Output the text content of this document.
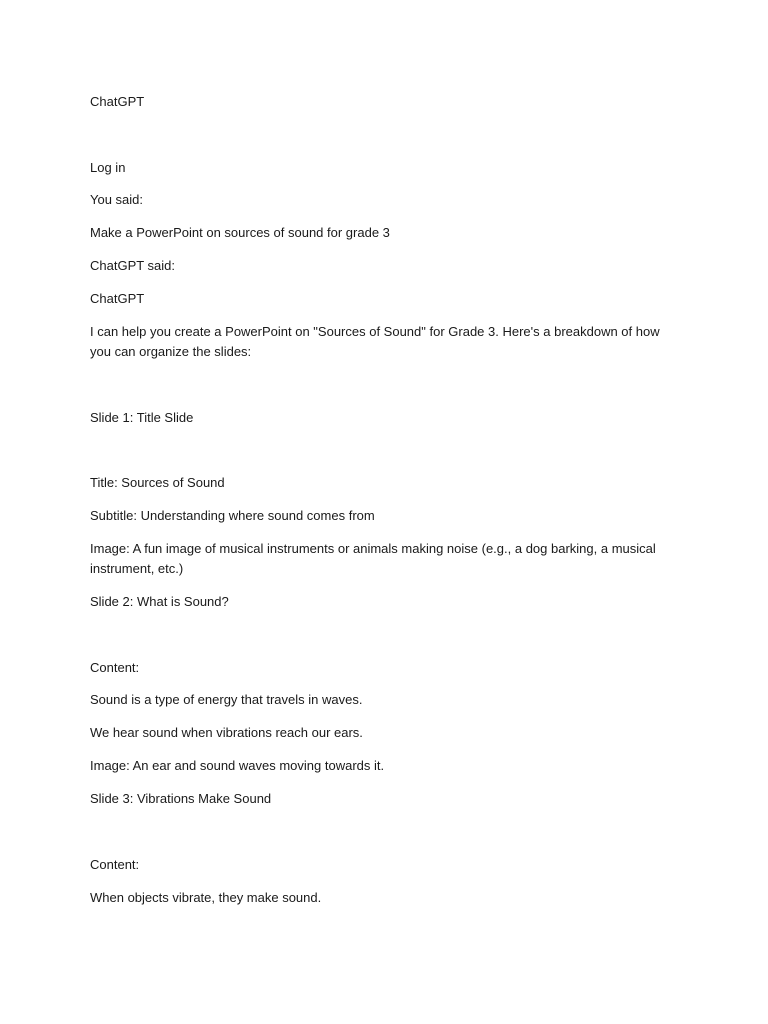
ChatGPT

Log in

You said:

Make a PowerPoint on sources of sound for grade 3

ChatGPT said:

ChatGPT

I can help you create a PowerPoint on "Sources of Sound" for Grade 3. Here's a breakdown of how you can organize the slides:

Slide 1: Title Slide

Title: Sources of Sound

Subtitle: Understanding where sound comes from

Image: A fun image of musical instruments or animals making noise (e.g., a dog barking, a musical instrument, etc.)

Slide 2: What is Sound?

Content:

Sound is a type of energy that travels in waves.

We hear sound when vibrations reach our ears.

Image: An ear and sound waves moving towards it.

Slide 3: Vibrations Make Sound

Content:

When objects vibrate, they make sound.
